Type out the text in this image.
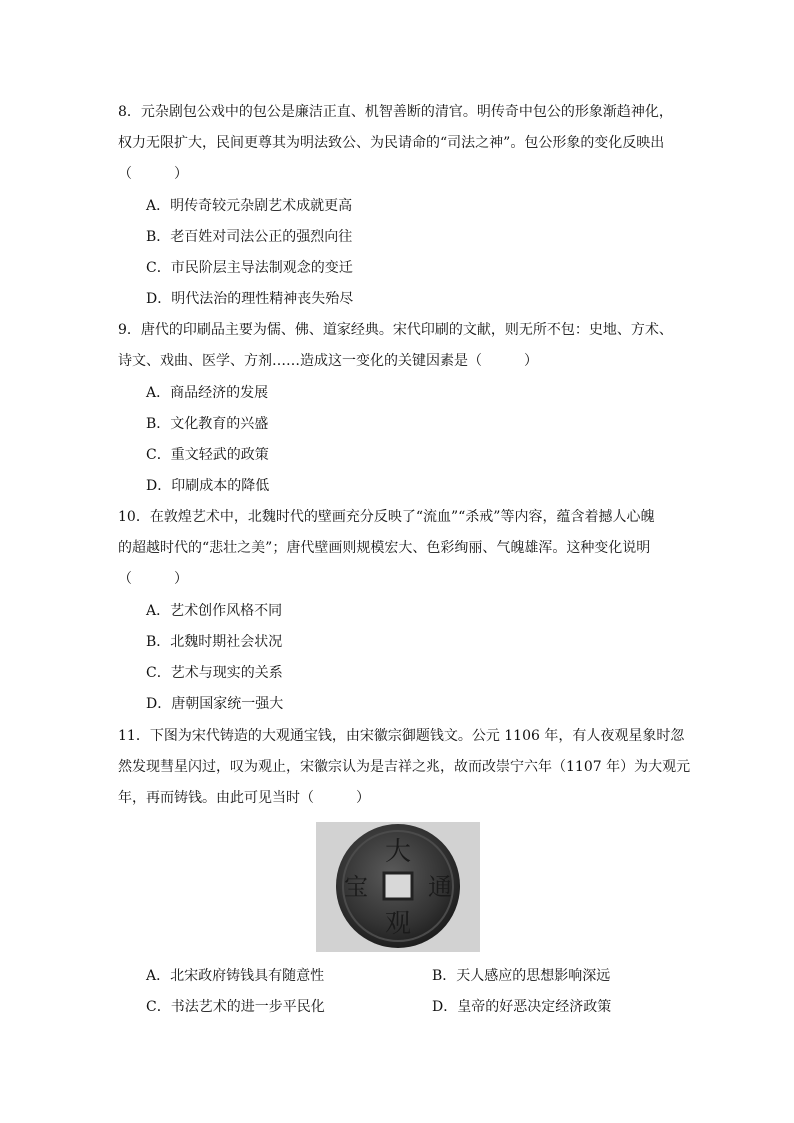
8．元杂剧包公戏中的包公是廉洁正直、机智善断的清官。明传奇中包公的形象渐趋神化，
权力无限扩大，民间更尊其为明法致公、为民请命的“司法之神”。包公形象的变化反映出
（　　　）
A．明传奇较元杂剧艺术成就更高
B．老百姓对司法公正的强烈向往
C．市民阶层主导法制观念的变迁
D．明代法治的理性精神丧失殆尽
9．唐代的印刷品主要为儒、佛、道家经典。宋代印刷的文献，则无所不包：史地、方术、
诗文、戏曲、医学、方剂……造成这一变化的关键因素是（　　　）
A．商品经济的发展
B．文化教育的兴盛
C．重文轻武的政策
D．印刷成本的降低
10．在敦煌艺术中，北魏时代的壁画充分反映了“流血”“杀戒”等内容，蕴含着撼人心魄
的超越时代的“悲壮之美”；唐代壁画则规模宏大、色彩绚丽、气魄雄浑。这种变化说明
（　　　）
A．艺术创作风格不同
B．北魏时期社会状况
C．艺术与现实的关系
D．唐朝国家统一强大
11．下图为宋代铸造的大观通宝钱，由宋徽宗御题钱文。公元 1106 年，有人夜观星象时忽
然发现彗星闪过，叹为观止，宋徽宗认为是吉祥之兆，故而改崇宁六年（1107 年）为大观元
年，再而铸钱。由此可见当时（　　　）
大
观
通
宝
A．北宋政府铸钱具有随意性	B．天人感应的思想影响深远
C．书法艺术的进一步平民化	D．皇帝的好恶决定经济政策
